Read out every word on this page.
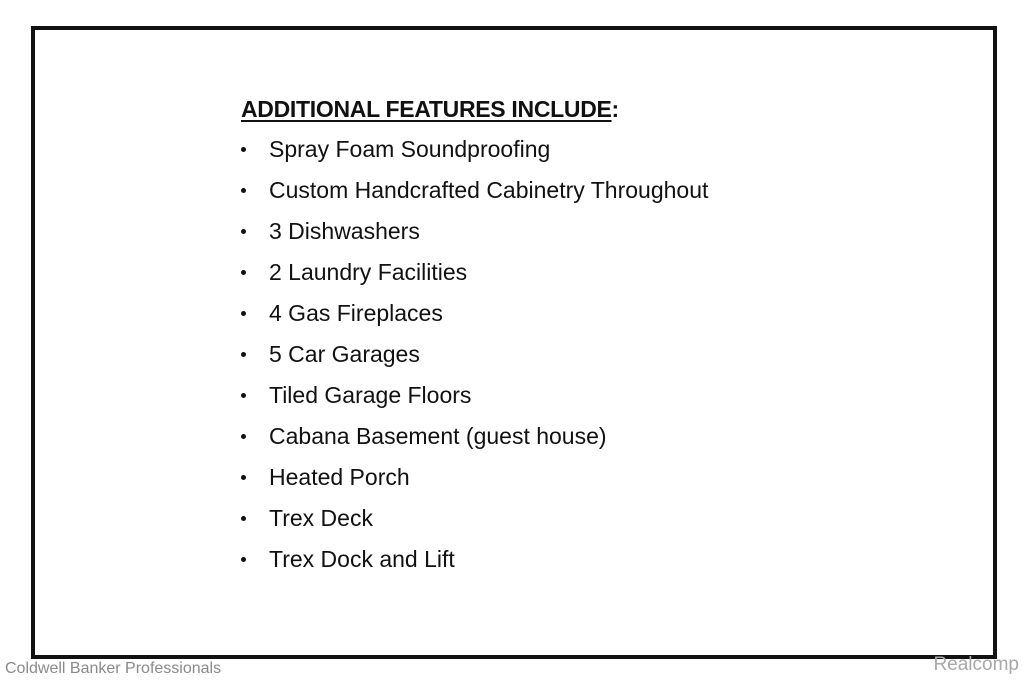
ADDITIONAL FEATURES INCLUDE:
Spray Foam Soundproofing
Custom Handcrafted Cabinetry Throughout
3 Dishwashers
2 Laundry Facilities
4 Gas Fireplaces
5 Car Garages
Tiled Garage Floors
Cabana Basement (guest house)
Heated Porch
Trex Deck
Trex Dock and Lift
Coldwell Banker Professionals	Realcomp
